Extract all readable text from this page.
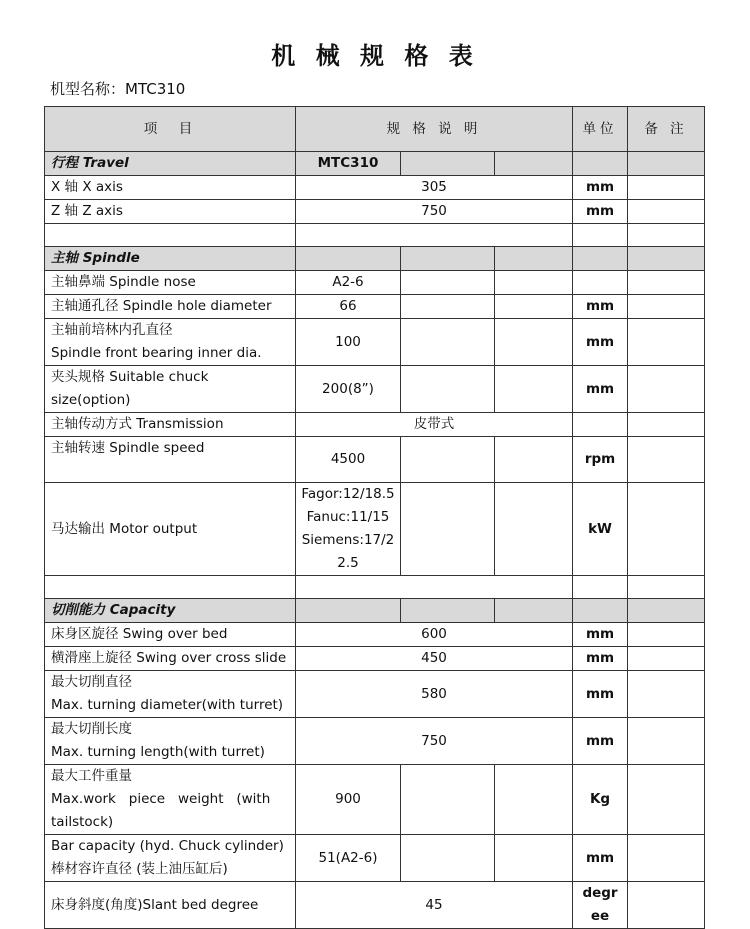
机 械 规 格 表
机型名称：MTC310
项　目	规 格 说 明			单位	备 注
行程 Travel	MTC310				
X 轴 X axis	305			mm	
Z 轴 Z axis	750			mm	

主轴 Spindle					
主轴鼻端 Spindle nose	A2-6				
主轴通孔径 Spindle hole diameter	66			mm	

主轴前培林内孔直径
Spindle front bearing inner dia.	100			mm	
夹头规格 Suitable chuck size(option)	200(8”)			mm	
主轴传动方式 Transmission	皮带式				
主轴转速 Spindle speed	4500			rpm	
马达输出 Motor output	Fagor:12/18.5
Fanuc:11/15
Siemens:17/2
2.5			kW	

切削能力 Capacity					
床身区旋径 Swing over bed	600			mm	
横滑座上旋径 Swing over cross slide	450			mm	

最大切削直径
Max. turning diameter(with turret)	580			mm	

最大切削长度
Max. turning length(with turret)	750			mm	

最大工件重量
Max.work   piece   weight   (with tailstock)	900			Kg	

Bar capacity (hyd. Chuck cylinder)
棒材容许直径 (装上油压缸后)	51(A2-6)			mm	
床身斜度(角度)Slant bed degree	45			degree	
